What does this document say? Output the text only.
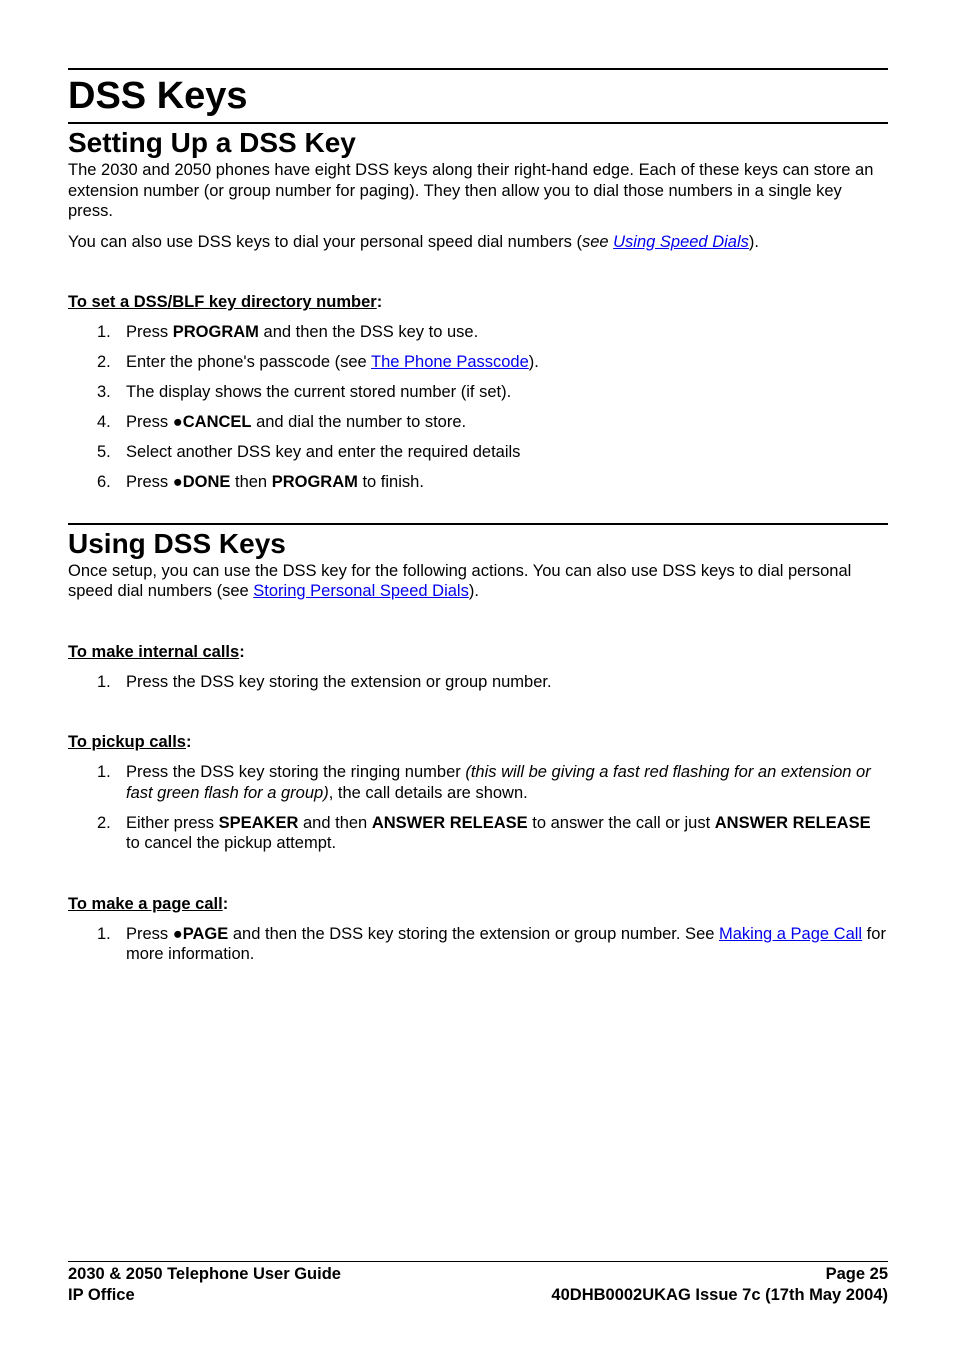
DSS Keys
Setting Up a DSS Key

The 2030 and 2050 phones have eight DSS keys along their right-hand edge. Each of these keys can store an extension number (or group number for paging). They then allow you to dial those numbers in a single key press.

You can also use DSS keys to dial your personal speed dial numbers (see Using Speed Dials).

To set a DSS/BLF key directory number:
1. Press PROGRAM and then the DSS key to use.
2. Enter the phone's passcode (see The Phone Passcode).
3. The display shows the current stored number (if set).
4. Press ●CANCEL and dial the number to store.
5. Select another DSS key and enter the required details
6. Press ●DONE then PROGRAM to finish.
Using DSS Keys

Once setup, you can use the DSS key for the following actions. You can also use DSS keys to dial personal speed dial numbers (see Storing Personal Speed Dials).

To make internal calls:
1. Press the DSS key storing the extension or group number.
To pickup calls:
1. Press the DSS key storing the ringing number (this will be giving a fast red flashing for an extension or fast green flash for a group), the call details are shown.
2. Either press SPEAKER and then ANSWER RELEASE to answer the call or just ANSWER RELEASE to cancel the pickup attempt.
To make a page call:
1. Press ●PAGE and then the DSS key storing the extension or group number. See Making a Page Call for more information.
2030 & 2050 Telephone User Guide	Page 25
IP Office	40DHB0002UKAG Issue 7c (17th May 2004)
